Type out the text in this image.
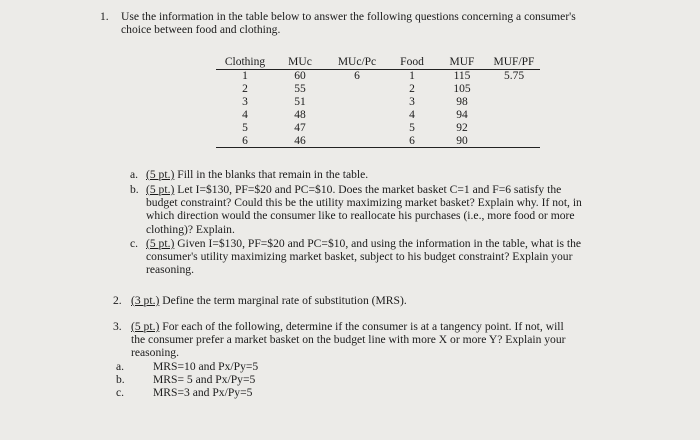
1. Use the information in the table below to answer the following questions concerning a consumer's
choice between food and clothing.
Clothing	MUc	MUc/Pc	Food	MUF	MUF/PF
1	60	6	1	115	5.75
2	55		2	105	
3	51		3	98	
4	48		4	94	
5	47		5	92	
6	46		6	90	
a. (5 pt.) Fill in the blanks that remain in the table.
b. (5 pt.) Let I=$130, PF=$20 and PC=$10. Does the market basket C=1 and F=6 satisfy the
budget constraint? Could this be the utility maximizing market basket? Explain why. If not, in
which direction would the consumer like to reallocate his purchases (i.e., more food or more
clothing)? Explain.
c. (5 pt.) Given I=$130, PF=$20 and PC=$10, and using the information in the table, what is the
consumer's utility maximizing market basket, subject to his budget constraint? Explain your
reasoning.
2. (3 pt.) Define the term marginal rate of substitution (MRS).
3. (5 pt.) For each of the following, determine if the consumer is at a tangency point. If not, will
the consumer prefer a market basket on the budget line with more X or more Y? Explain your
reasoning.
a. MRS=10 and Px/Py=5
b. MRS= 5 and Px/Py=5
c. MRS=3 and Px/Py=5
